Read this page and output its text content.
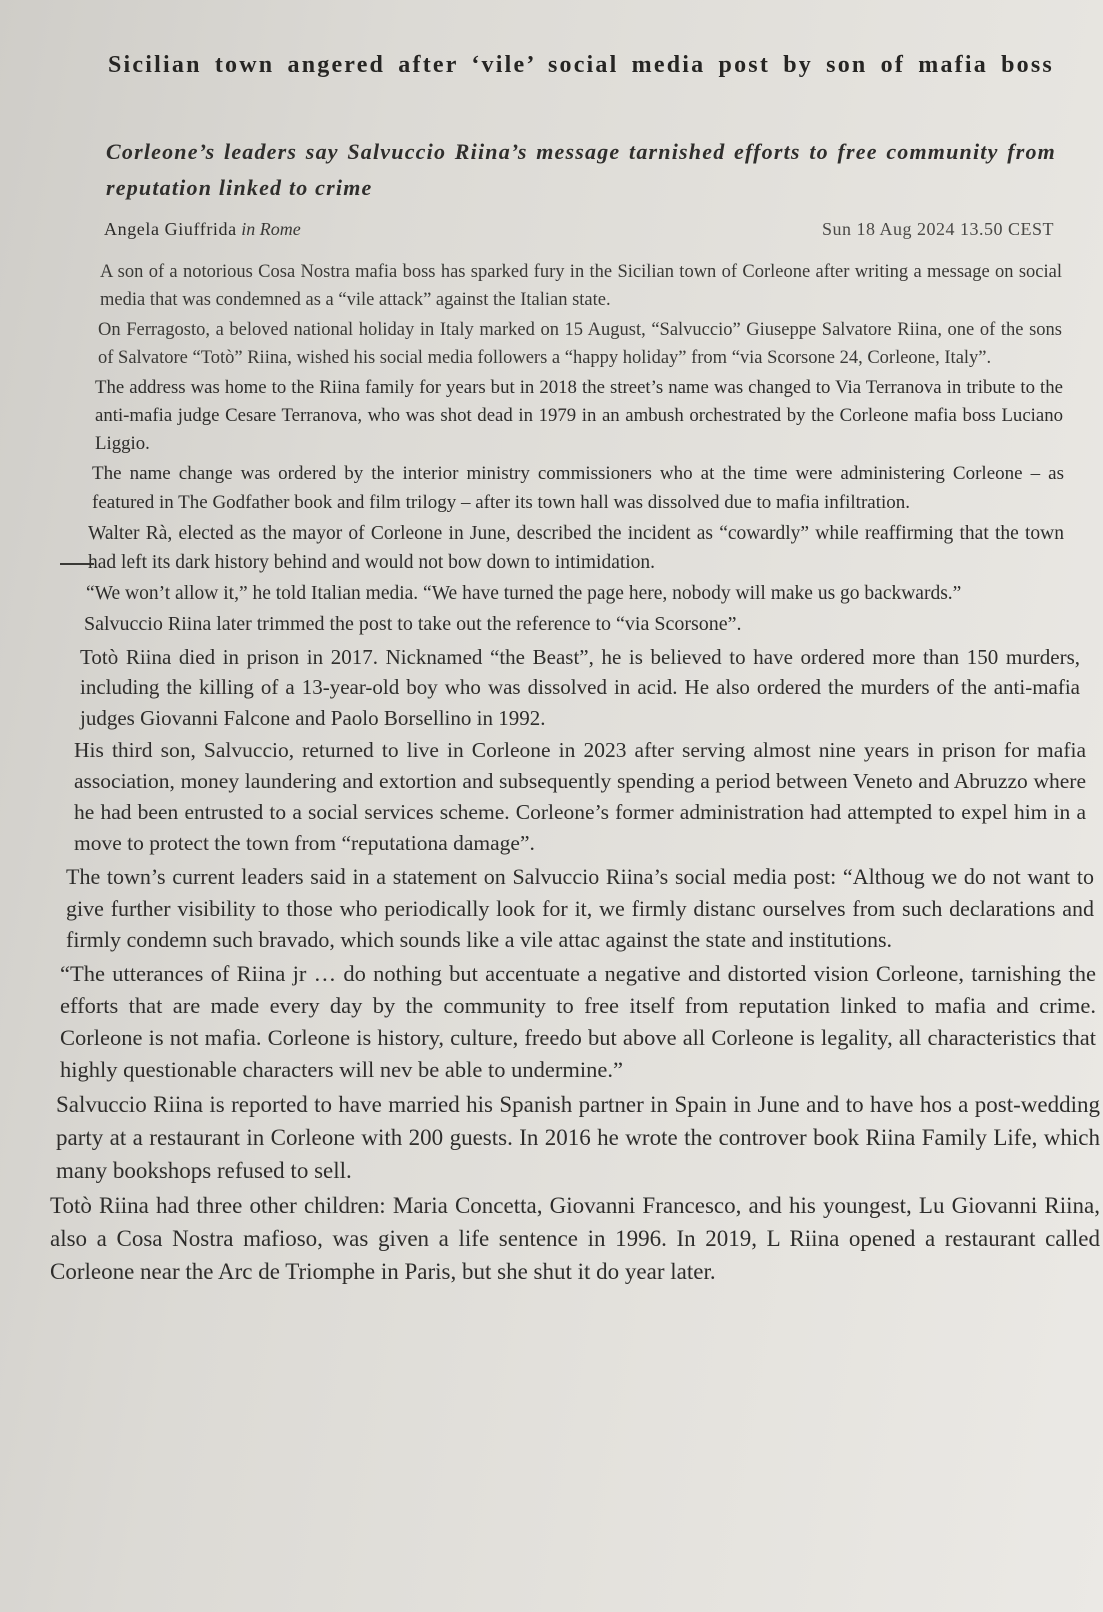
Sicilian town angered after ‘vile’ social media post by son of mafia boss

Corleone’s leaders say Salvuccio Riina’s message tarnished efforts to free community from reputation linked to crime

Angela Giuffrida in Rome	Sun 18 Aug 2024 13.50 CEST

A son of a notorious Cosa Nostra mafia boss has sparked fury in the Sicilian town of Corleone after writing a message on social media that was condemned as a “vile attack” against the Italian state.

On Ferragosto, a beloved national holiday in Italy marked on 15 August, “Salvuccio” Giuseppe Salvatore Riina, one of the sons of Salvatore “Totò” Riina, wished his social media followers a “happy holiday” from “via Scorsone 24, Corleone, Italy”.

The address was home to the Riina family for years but in 2018 the street’s name was changed to Via Terranova in tribute to the anti-mafia judge Cesare Terranova, who was shot dead in 1979 in an ambush orchestrated by the Corleone mafia boss Luciano Liggio.

The name change was ordered by the interior ministry commissioners who at the time were administering Corleone – as featured in The Godfather book and film trilogy – after its town hall was dissolved due to mafia infiltration.

Walter Rà, elected as the mayor of Corleone in June, described the incident as “cowardly” while reaffirming that the town had left its dark history behind and would not bow down to intimidation.

“We won’t allow it,” he told Italian media. “We have turned the page here, nobody will make us go backwards.”

Salvuccio Riina later trimmed the post to take out the reference to “via Scorsone”.

Totò Riina died in prison in 2017. Nicknamed “the Beast”, he is believed to have ordered more than 150 murders, including the killing of a 13-year-old boy who was dissolved in acid. He also ordered the murders of the anti-mafia judges Giovanni Falcone and Paolo Borsellino in 1992.

His third son, Salvuccio, returned to live in Corleone in 2023 after serving almost nine years in prison for mafia association, money laundering and extortion and subsequently spending a period between Veneto and Abruzzo where he had been entrusted to a social services scheme. Corleone’s former administration had attempted to expel him in a move to protect the town from “reputationa damage”.

The town’s current leaders said in a statement on Salvuccio Riina’s social media post: “Althoug we do not want to give further visibility to those who periodically look for it, we firmly distanc ourselves from such declarations and firmly condemn such bravado, which sounds like a vile attac against the state and institutions.

“The utterances of Riina jr … do nothing but accentuate a negative and distorted vision Corleone, tarnishing the efforts that are made every day by the community to free itself from reputation linked to mafia and crime. Corleone is not mafia. Corleone is history, culture, freedo but above all Corleone is legality, all characteristics that highly questionable characters will nev be able to undermine.”

Salvuccio Riina is reported to have married his Spanish partner in Spain in June and to have hos a post-wedding party at a restaurant in Corleone with 200 guests. In 2016 he wrote the controver book Riina Family Life, which many bookshops refused to sell.

Totò Riina had three other children: Maria Concetta, Giovanni Francesco, and his youngest, Lu Giovanni Riina, also a Cosa Nostra mafioso, was given a life sentence in 1996. In 2019, L Riina opened a restaurant called Corleone near the Arc de Triomphe in Paris, but she shut it do year later.
